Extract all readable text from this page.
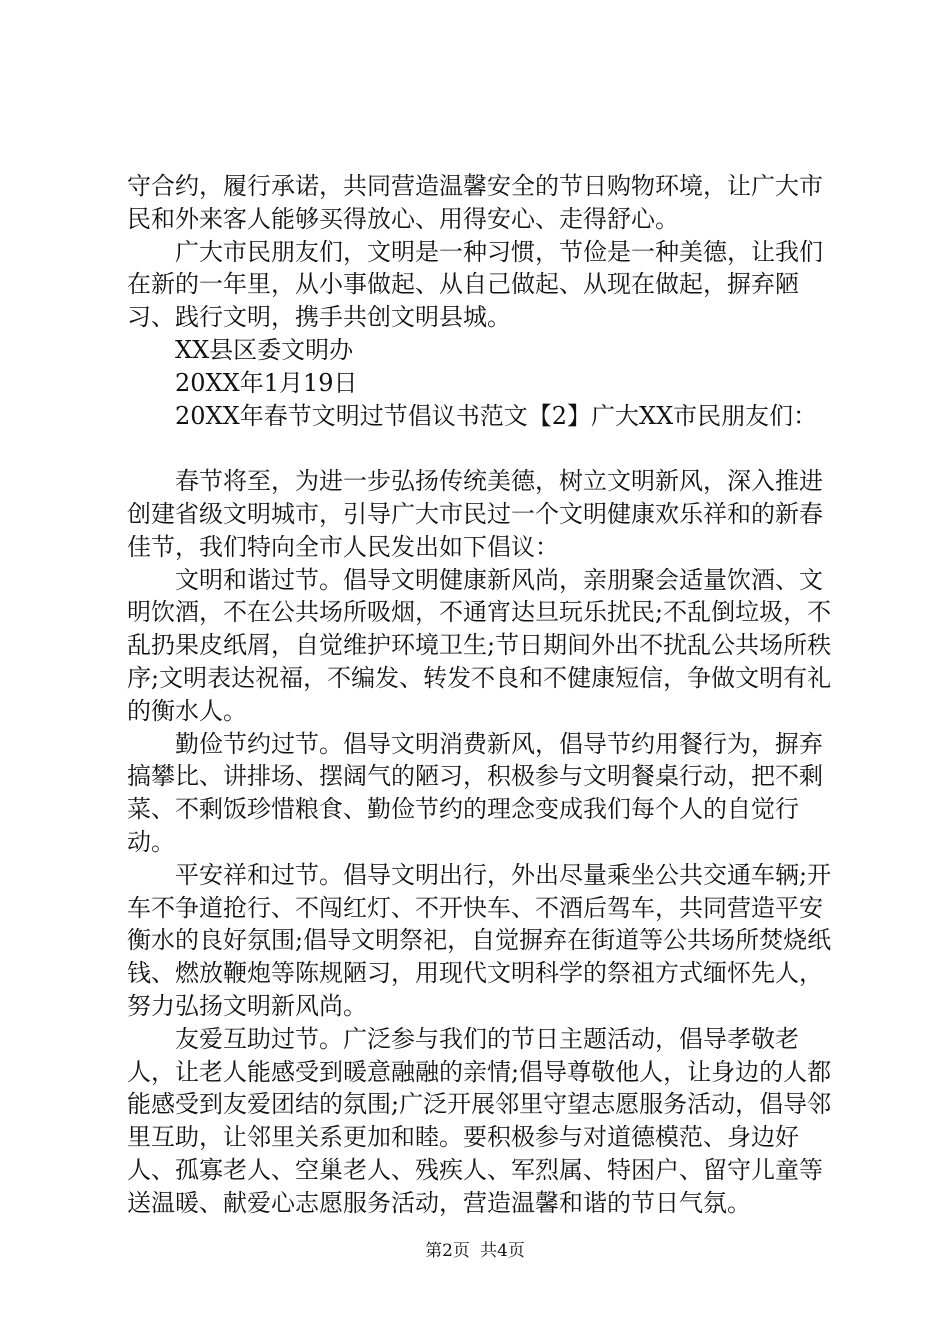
守合约，履行承诺，共同营造温馨安全的节日购物环境，让广大市民和外来客人能够买得放心、用得安心、走得舒心。

广大市民朋友们，文明是一种习惯，节俭是一种美德，让我们在新的一年里，从小事做起、从自己做起、从现在做起，摒弃陋习、践行文明，携手共创文明县城。

XX县区委文明办

20XX年1月19日

20XX年春节文明过节倡议书范文【2】广大XX市民朋友们：

春节将至，为进一步弘扬传统美德，树立文明新风，深入推进创建省级文明城市，引导广大市民过一个文明健康欢乐祥和的新春佳节，我们特向全市人民发出如下倡议：

文明和谐过节。倡导文明健康新风尚，亲朋聚会适量饮酒、文明饮酒，不在公共场所吸烟，不通宵达旦玩乐扰民;不乱倒垃圾，不乱扔果皮纸屑，自觉维护环境卫生;节日期间外出不扰乱公共场所秩序;文明表达祝福，不编发、转发不良和不健康短信，争做文明有礼的衡水人。

勤俭节约过节。倡导文明消费新风，倡导节约用餐行为，摒弃搞攀比、讲排场、摆阔气的陋习，积极参与文明餐桌行动，把不剩菜、不剩饭珍惜粮食、勤俭节约的理念变成我们每个人的自觉行动。

平安祥和过节。倡导文明出行，外出尽量乘坐公共交通车辆;开车不争道抢行、不闯红灯、不开快车、不酒后驾车，共同营造平安衡水的良好氛围;倡导文明祭祀，自觉摒弃在街道等公共场所焚烧纸钱、燃放鞭炮等陈规陋习，用现代文明科学的祭祖方式缅怀先人，努力弘扬文明新风尚。

友爱互助过节。广泛参与我们的节日主题活动，倡导孝敬老人，让老人能感受到暖意融融的亲情;倡导尊敬他人，让身边的人都能感受到友爱团结的氛围;广泛开展邻里守望志愿服务活动，倡导邻里互助，让邻里关系更加和睦。要积极参与对道德模范、身边好人、孤寡老人、空巢老人、残疾人、军烈属、特困户、留守儿童等送温暖、献爱心志愿服务活动，营造温馨和谐的节日气氛。

第2页 共4页
